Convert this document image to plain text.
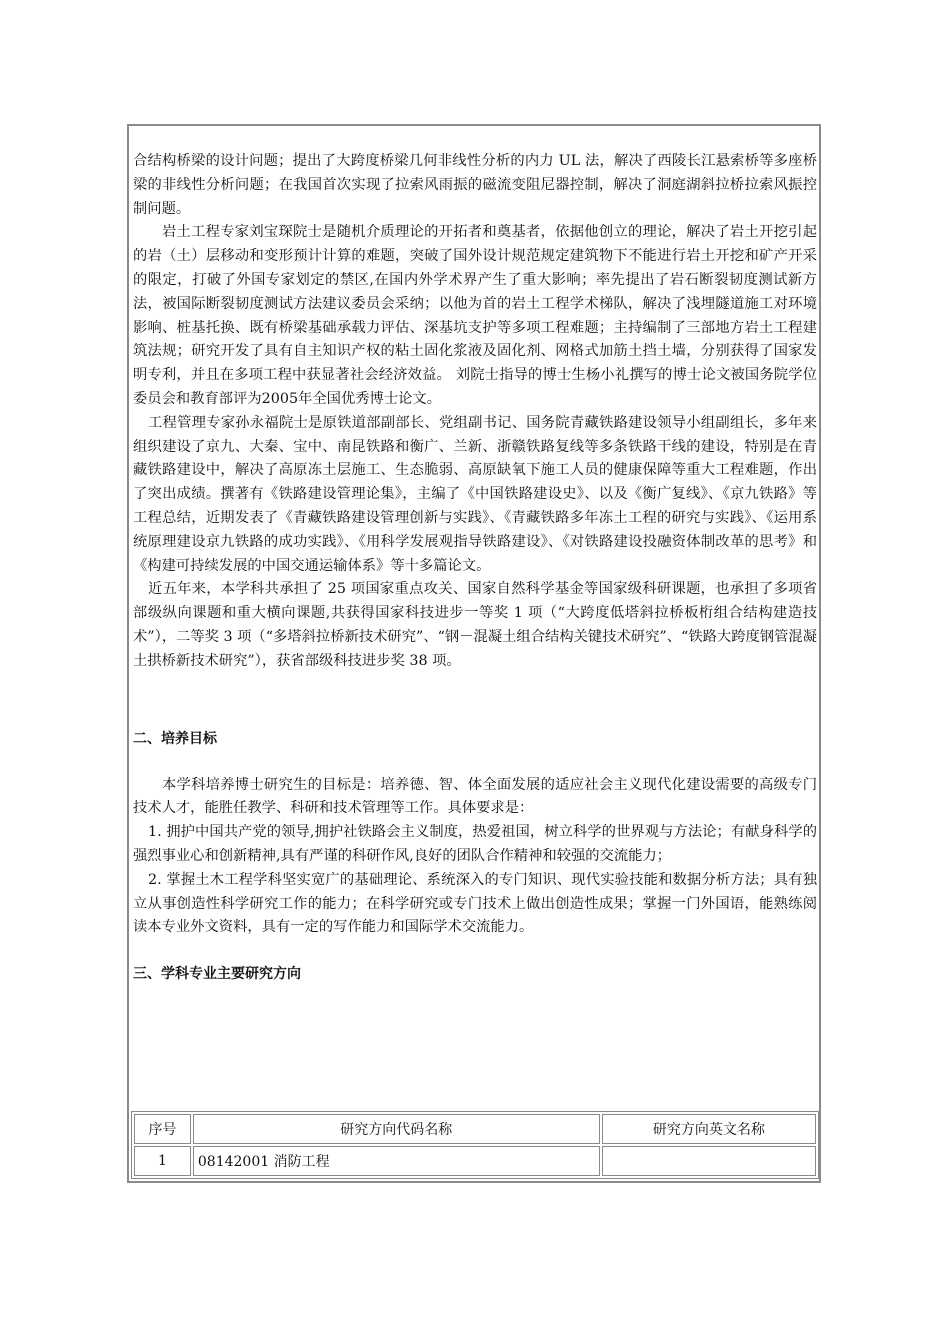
合结构桥梁的设计问题；提出了大跨度桥梁几何非线性分析的内力 UL 法，解决了西陵长江悬索桥等多座桥梁的非线性分析问题；在我国首次实现了拉索风雨振的磁流变阻尼器控制，解决了洞庭湖斜拉桥拉索风振控制问题。

岩土工程专家刘宝琛院士是随机介质理论的开拓者和奠基者，依据他创立的理论，解决了岩土开挖引起的岩（土）层移动和变形预计计算的难题，突破了国外设计规范规定建筑物下不能进行岩土开挖和矿产开采的限定，打破了外国专家划定的禁区,在国内外学术界产生了重大影响；率先提出了岩石断裂韧度测试新方法，被国际断裂韧度测试方法建议委员会采纳；以他为首的岩土工程学术梯队，解决了浅埋隧道施工对环境影响、桩基托换、既有桥梁基础承载力评估、深基坑支护等多项工程难题；主持编制了三部地方岩土工程建筑法规；研究开发了具有自主知识产权的粘土固化浆液及固化剂、网格式加筋土挡土墙，分别获得了国家发明专利，并且在多项工程中获显著社会经济效益。 刘院士指导的博士生杨小礼撰写的博士论文被国务院学位委员会和教育部评为2005年全国优秀博士论文。

工程管理专家孙永福院士是原铁道部副部长、党组副书记、国务院青藏铁路建设领导小组副组长，多年来组织建设了京九、大秦、宝中、南昆铁路和衡广、兰新、浙赣铁路复线等多条铁路干线的建设，特别是在青藏铁路建设中，解决了高原冻土层施工、生态脆弱、高原缺氧下施工人员的健康保障等重大工程难题，作出了突出成绩。撰著有《铁路建设管理论集》，主编了《中国铁路建设史》、以及《衡广复线》、《京九铁路》等工程总结，近期发表了《青藏铁路建设管理创新与实践》、《青藏铁路多年冻土工程的研究与实践》、《运用系统原理建设京九铁路的成功实践》、《用科学发展观指导铁路建设》、《对铁路建设投融资体制改革的思考》和《构建可持续发展的中国交通运输体系》等十多篇论文。

近五年来，本学科共承担了 25 项国家重点攻关、国家自然科学基金等国家级科研课题，也承担了多项省部级纵向课题和重大横向课题,共获得国家科技进步一等奖 1 项（“大跨度低塔斜拉桥板桁组合结构建造技术”），二等奖 3 项（“多塔斜拉桥新技术研究”、“钢－混凝土组合结构关键技术研究”、“铁路大跨度钢管混凝土拱桥新技术研究”），获省部级科技进步奖 38 项。

二、培养目标

本学科培养博士研究生的目标是：培养德、智、体全面发展的适应社会主义现代化建设需要的高级专门技术人才，能胜任教学、科研和技术管理等工作。具体要求是：

1. 拥护中国共产党的领导,拥护社铁路会主义制度，热爱祖国，树立科学的世界观与方法论；有献身科学的强烈事业心和创新精神,具有严谨的科研作风,良好的团队合作精神和较强的交流能力；

2. 掌握土木工程学科坚实宽广的基础理论、系统深入的专门知识、现代实验技能和数据分析方法；具有独立从事创造性科学研究工作的能力；在科学研究或专门技术上做出创造性成果；掌握一门外国语，能熟练阅读本专业外文资料，具有一定的写作能力和国际学术交流能力。

三、学科专业主要研究方向
序号	研究方向代码名称	研究方向英文名称
1	08142001 消防工程	
